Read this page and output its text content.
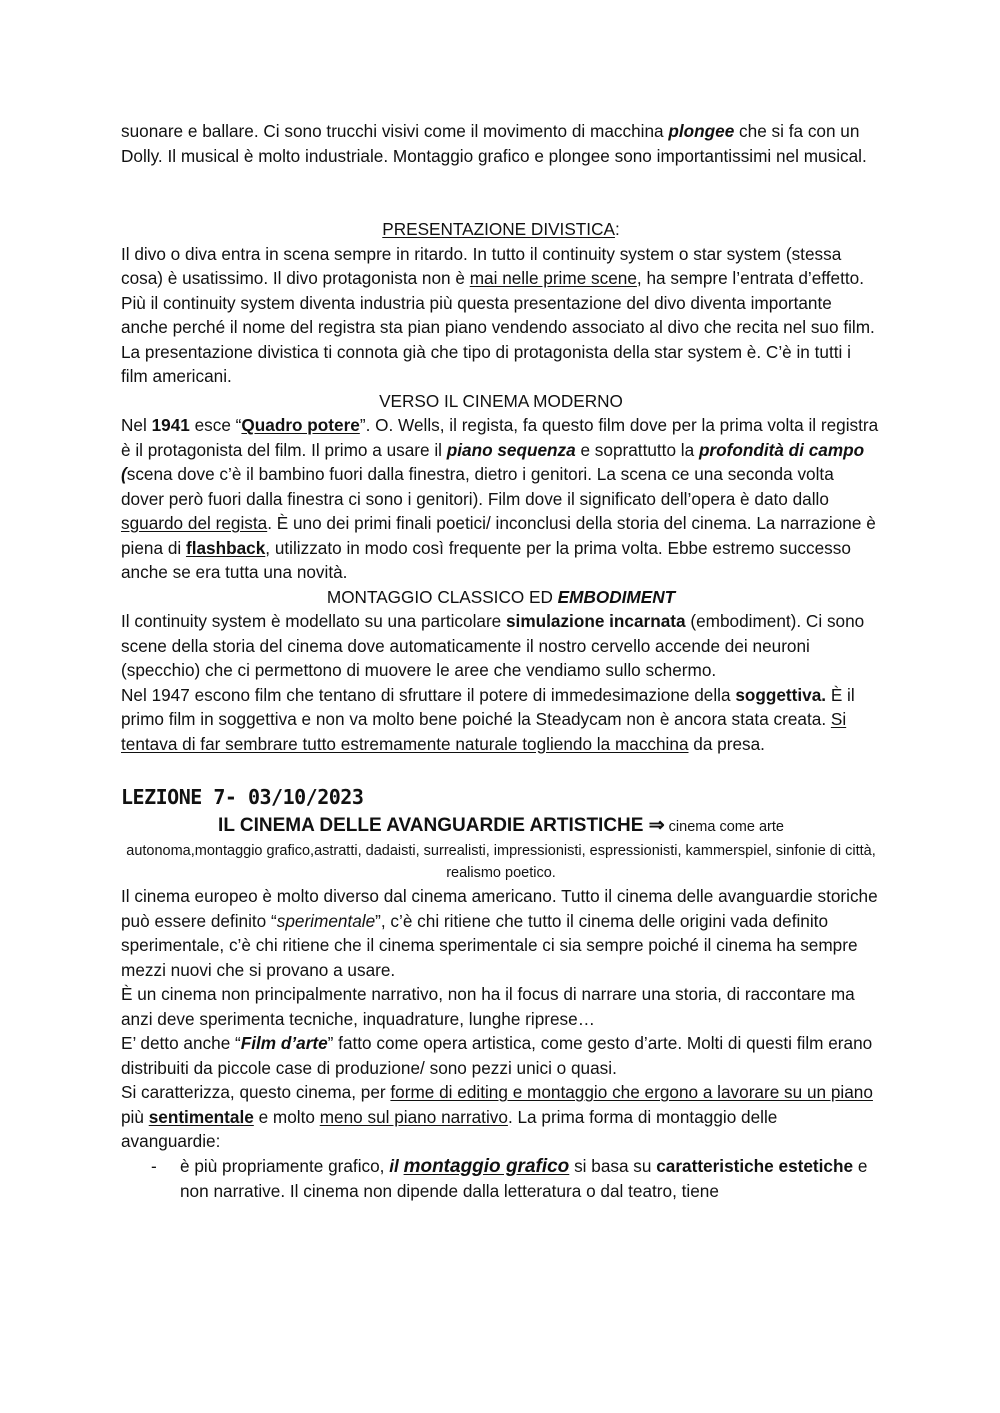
suonare e ballare. Ci sono trucchi visivi come il movimento di macchina plongee che si fa con un Dolly. Il musical è molto industriale. Montaggio grafico e plongee sono importantissimi nel musical.

PRESENTAZIONE DIVISTICA:

Il divo o diva entra in scena sempre in ritardo. In tutto il continuity system o star system (stessa cosa) è usatissimo. Il divo protagonista non è mai nelle prime scene, ha sempre l’entrata d’effetto. Più il continuity system diventa industria più questa presentazione del divo diventa importante anche perché il nome del registra sta pian piano vendendo associato al divo che recita nel suo film. La presentazione divistica ti connota già che tipo di protagonista della star system è. C’è in tutti i film americani.

VERSO IL CINEMA MODERNO

Nel 1941 esce “Quadro potere”. O. Wells, il regista, fa questo film dove per la prima volta il registra è il protagonista del film. Il primo a usare il piano sequenza e soprattutto la profondità di campo (scena dove c’è il bambino fuori dalla finestra, dietro i genitori. La scena ce una seconda volta dover però fuori dalla finestra ci sono i genitori). Film dove il significato dell’opera è dato dallo sguardo del regista. È uno dei primi finali poetici/ inconclusi della storia del cinema. La narrazione è piena di flashback, utilizzato in modo così frequente per la prima volta. Ebbe estremo successo anche se era tutta una novità.

MONTAGGIO CLASSICO ED EMBODIMENT

Il continuity system è modellato su una particolare simulazione incarnata (embodiment). Ci sono scene della storia del cinema dove automaticamente il nostro cervello accende dei neuroni (specchio) che ci permettono di muovere le aree che vendiamo sullo schermo.

Nel 1947 escono film che tentano di sfruttare il potere di immedesimazione della soggettiva. È il primo film in soggettiva e non va molto bene poiché la Steadycam non è ancora stata creata. Si tentava di far sembrare tutto estremamente naturale togliendo la macchina da presa.

LEZIONE 7- 03/10/2023

IL CINEMA DELLE AVANGUARDIE ARTISTICHE ⇒ cinema come arte

autonoma,montaggio grafico,astratti, dadaisti, surrealisti, impressionisti, espressionisti, kammerspiel, sinfonie di città, realismo poetico.

Il cinema europeo è molto diverso dal cinema americano. Tutto il cinema delle avanguardie storiche può essere definito “sperimentale”, c’è chi ritiene che tutto il cinema delle origini vada definito sperimentale, c’è chi ritiene che il cinema sperimentale ci sia sempre poiché il cinema ha sempre mezzi nuovi che si provano a usare.

È un cinema non principalmente narrativo, non ha il focus di narrare una storia, di raccontare ma anzi deve sperimenta tecniche, inquadrature, lunghe riprese…

E’ detto anche “Film d’arte” fatto come opera artistica, come gesto d’arte. Molti di questi film erano distribuiti da piccole case di produzione/ sono pezzi unici o quasi.

Si caratterizza, questo cinema, per forme di editing e montaggio che ergono a lavorare su un piano più sentimentale e molto meno sul piano narrativo. La prima forma di montaggio delle avanguardie:

- è più propriamente grafico, il montaggio grafico si basa su caratteristiche estetiche e non narrative. Il cinema non dipende dalla letteratura o dal teatro, tiene
